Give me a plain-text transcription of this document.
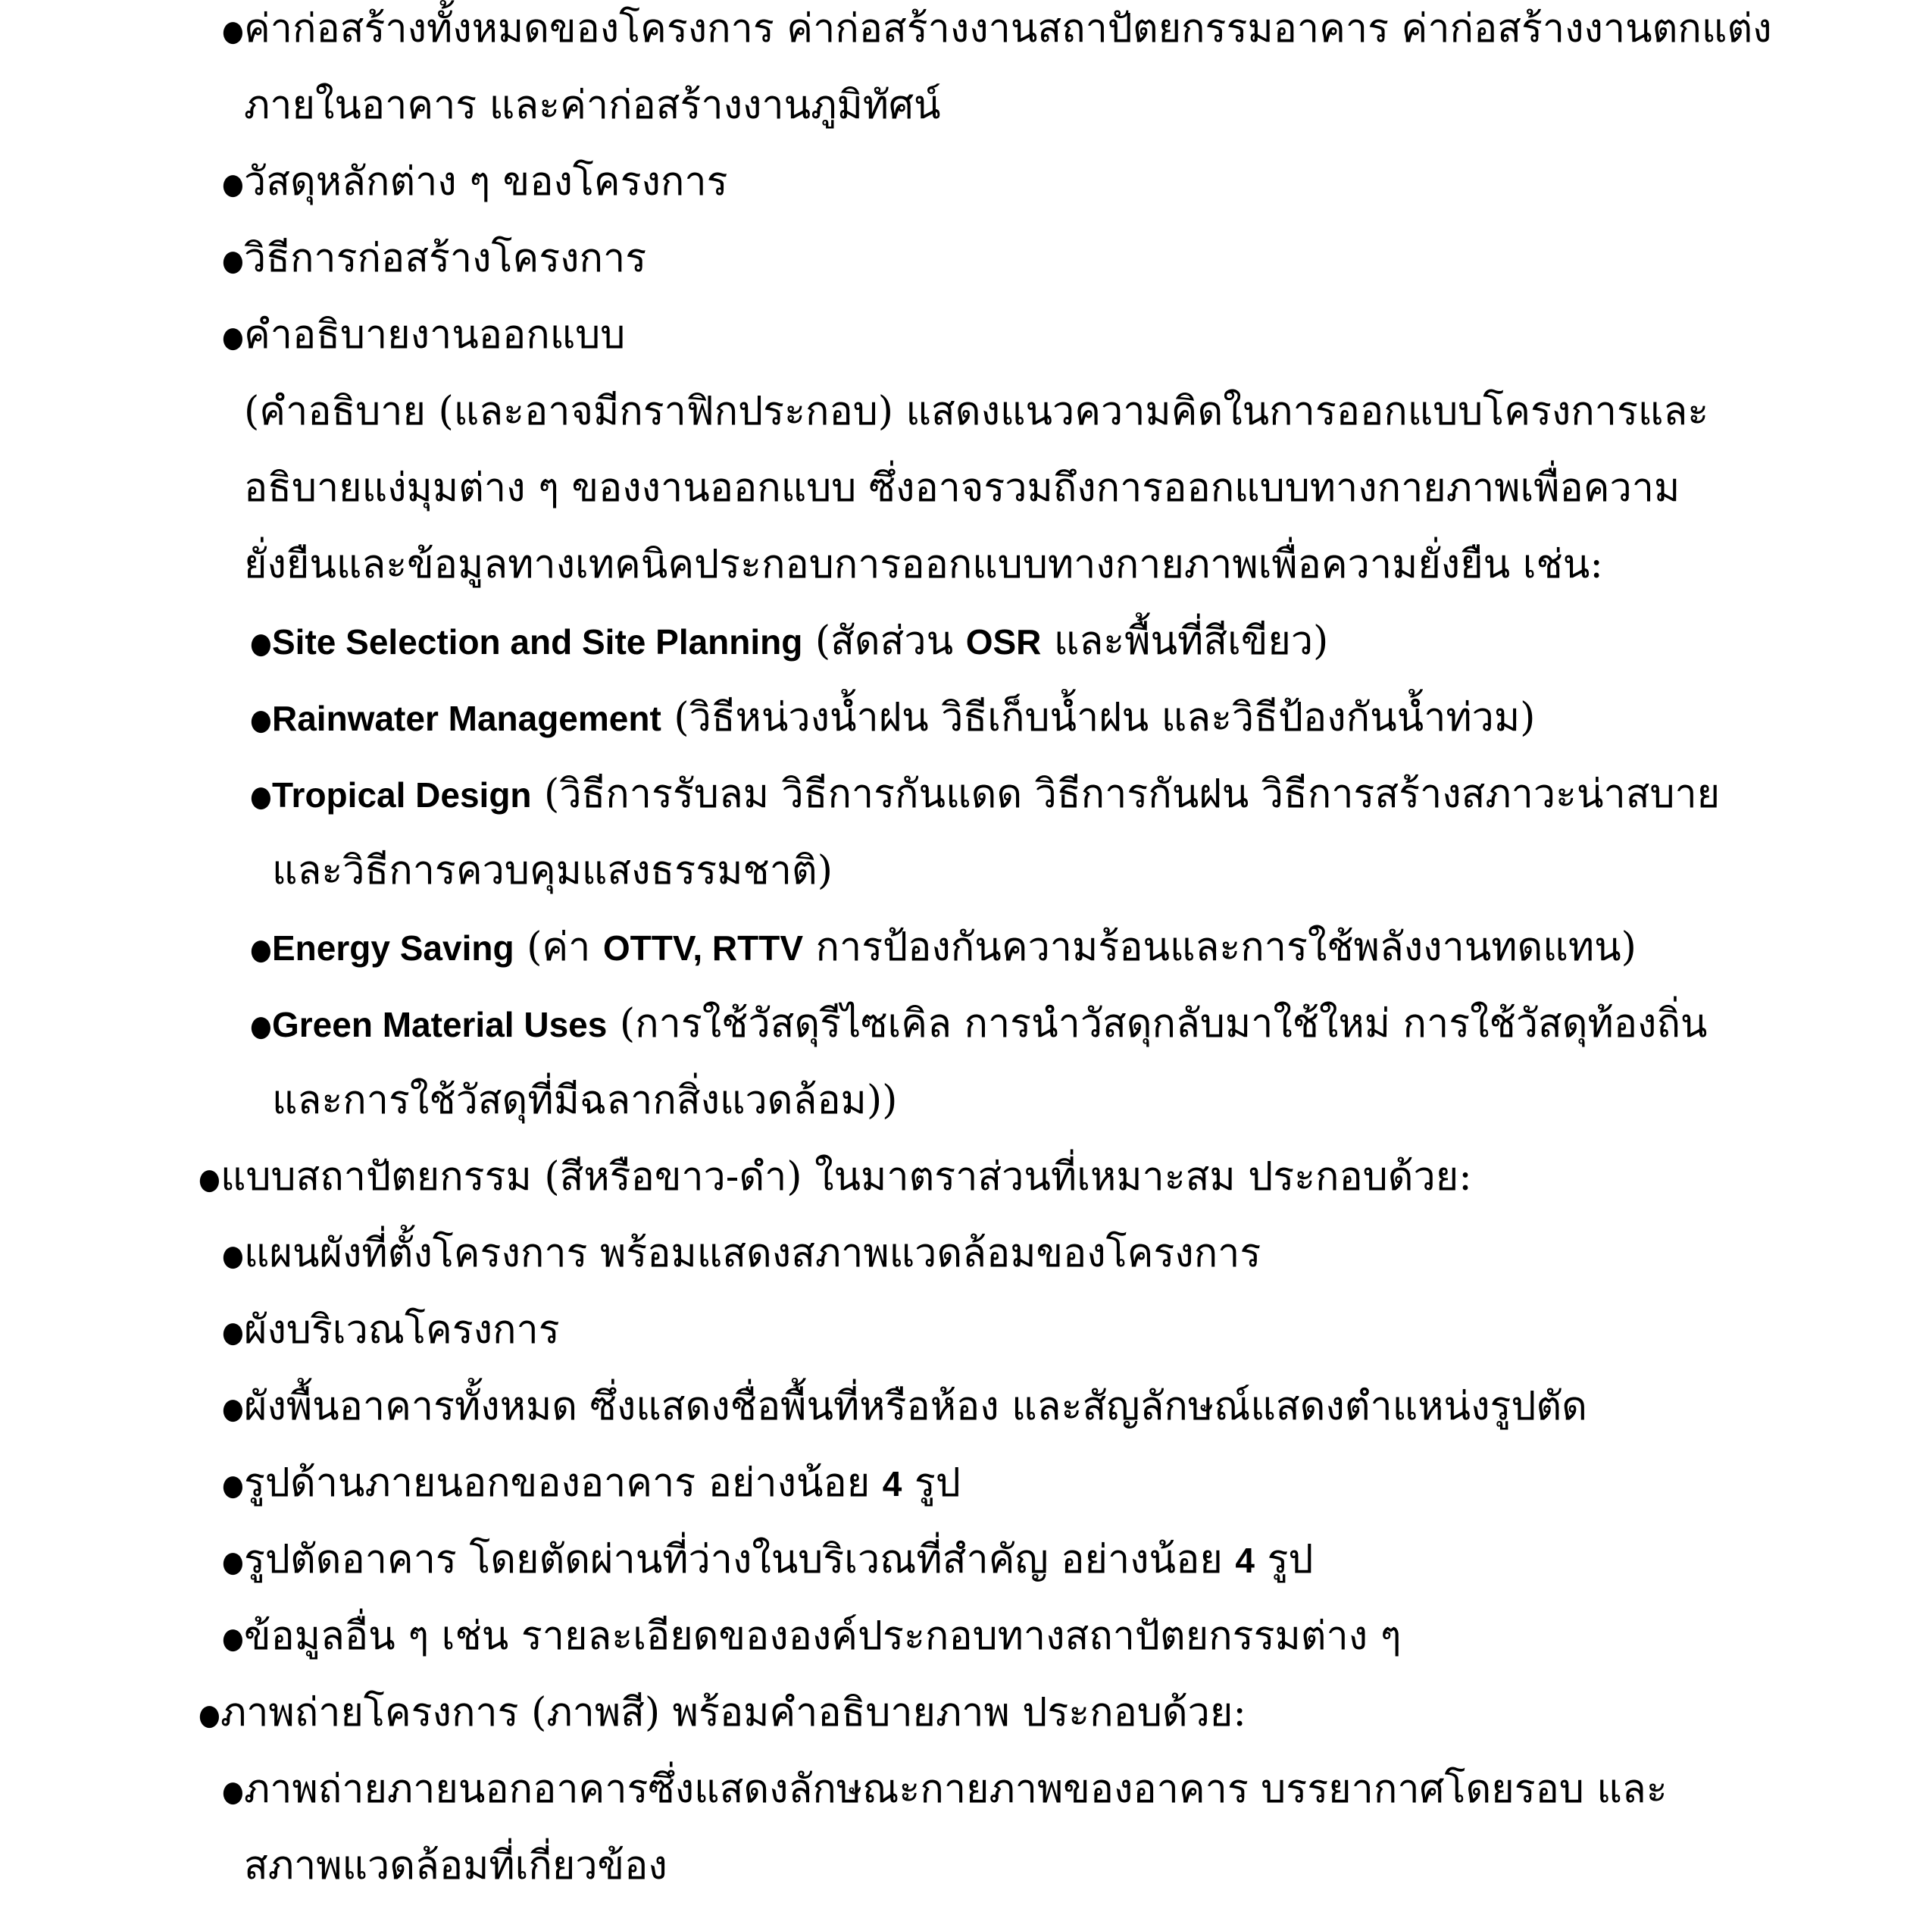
●ค่าก่อสร้างทั้งหมดของโครงการ ค่าก่อสร้างงานสถาปัตยกรรมอาคาร ค่าก่อสร้างงานตกแต่ง
ภายในอาคาร และค่าก่อสร้างงานภูมิทัศน์
●วัสดุหลักต่าง ๆ ของโครงการ
●วิธีการก่อสร้างโครงการ
●คำอธิบายงานออกแบบ
(คำอธิบาย (และอาจมีกราฟิกประกอบ) แสดงแนวความคิดในการออกแบบโครงการและ
อธิบายแง่มุมต่าง ๆ ของงานออกแบบ ซึ่งอาจรวมถึงการออกแบบทางกายภาพเพื่อความ
ยั่งยืนและข้อมูลทางเทคนิคประกอบการออกแบบทางกายภาพเพื่อความยั่งยืน เช่น:
●Site Selection and Site Planning (สัดส่วน OSR และพื้นที่สีเขียว)
●Rainwater Management (วิธีหน่วงน้ำฝน วิธีเก็บน้ำฝน และวิธีป้องกันน้ำท่วม)
●Tropical Design (วิธีการรับลม วิธีการกันแดด วิธีการกันฝน วิธีการสร้างสภาวะน่าสบาย
และวิธีการควบคุมแสงธรรมชาติ)
●Energy Saving (ค่า OTTV, RTTV การป้องกันความร้อนและการใช้พลังงานทดแทน)
●Green Material Uses (การใช้วัสดุรีไซเคิล การนำวัสดุกลับมาใช้ใหม่ การใช้วัสดุท้องถิ่น
และการใช้วัสดุที่มีฉลากสิ่งแวดล้อม))
●แบบสถาปัตยกรรม (สีหรือขาว-ดำ) ในมาตราส่วนที่เหมาะสม ประกอบด้วย:
●แผนผังที่ตั้งโครงการ พร้อมแสดงสภาพแวดล้อมของโครงการ
●ผังบริเวณโครงการ
●ผังพื้นอาคารทั้งหมด ซึ่งแสดงชื่อพื้นที่หรือห้อง และสัญลักษณ์แสดงตำแหน่งรูปตัด
●รูปด้านภายนอกของอาคาร อย่างน้อย 4 รูป
●รูปตัดอาคาร โดยตัดผ่านที่ว่างในบริเวณที่สำคัญ อย่างน้อย 4 รูป
●ข้อมูลอื่น ๆ เช่น รายละเอียดขององค์ประกอบทางสถาปัตยกรรมต่าง ๆ
●ภาพถ่ายโครงการ (ภาพสี) พร้อมคำอธิบายภาพ ประกอบด้วย:
●ภาพถ่ายภายนอกอาคารซึ่งแสดงลักษณะกายภาพของอาคาร บรรยากาศโดยรอบ และ
สภาพแวดล้อมที่เกี่ยวข้อง
